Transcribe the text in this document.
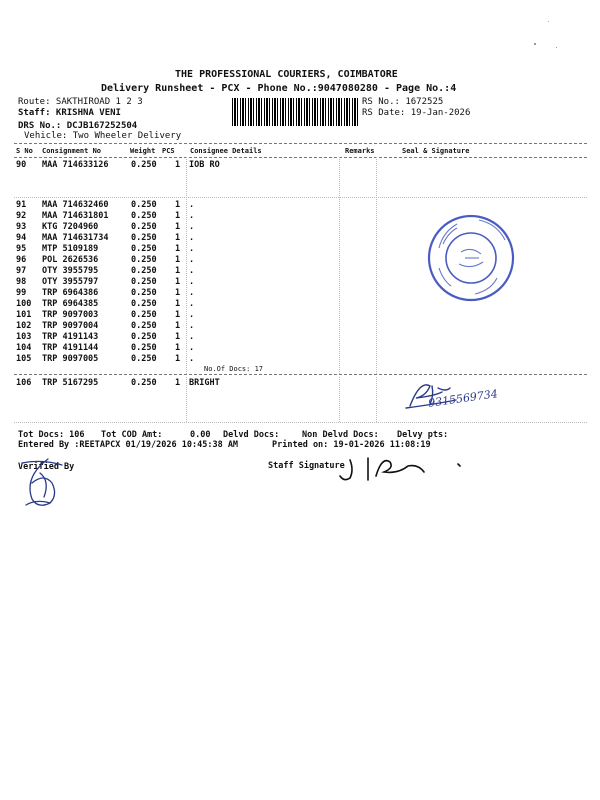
THE PROFESSIONAL COURIERS, COIMBATORE
Delivery Runsheet - PCX - Phone No.:9047080280 - Page No.:4
Route: SAKTHIROAD 1 2 3
Staff: KRISHNA VENI
DRS No.: DCJB167252504
Vehicle: Two Wheeler Delivery
RS No.: 1672525
RS Date: 19-Jan-2026
S No Consignment No	Weight PCS Consignee Details	Remarks	Seal & Signature
90 MAA 714633126	0.250 1 IOB RO
91 MAA 714632460	0.250 1 .
92 MAA 714631801	0.250 1 .
93 KTG 7204960	0.250 1 .
94 MAA 714631734	0.250 1 .
95 MTP 5109189	0.250 1 .
96 POL 2626536	0.250 1 .
97 OTY 3955795	0.250 1 .
98 OTY 3955797	0.250 1 .
99 TRP 6964386	0.250 1 .
100 TRP 6964385	0.250 1 .
101 TRP 9097003	0.250 1 .
102 TRP 9097004	0.250 1 .
103 TRP 4191143	0.250 1 .
104 TRP 4191144	0.250 1 .
105 TRP 9097005	0.250 1 .
No.Of Docs: 17
106 TRP 5167295	0.250 1 BRIGHT
9315569734
Tot Docs: 106 Tot COD Amt:	0.00 Delvd Docs:	Non Delvd Docs: Delvy pts:
Entered By :REETAPCX 01/19/2026 10:45:38 AM	Printed on: 19-01-2026 11:08:19
Verified By	Staff Signature
